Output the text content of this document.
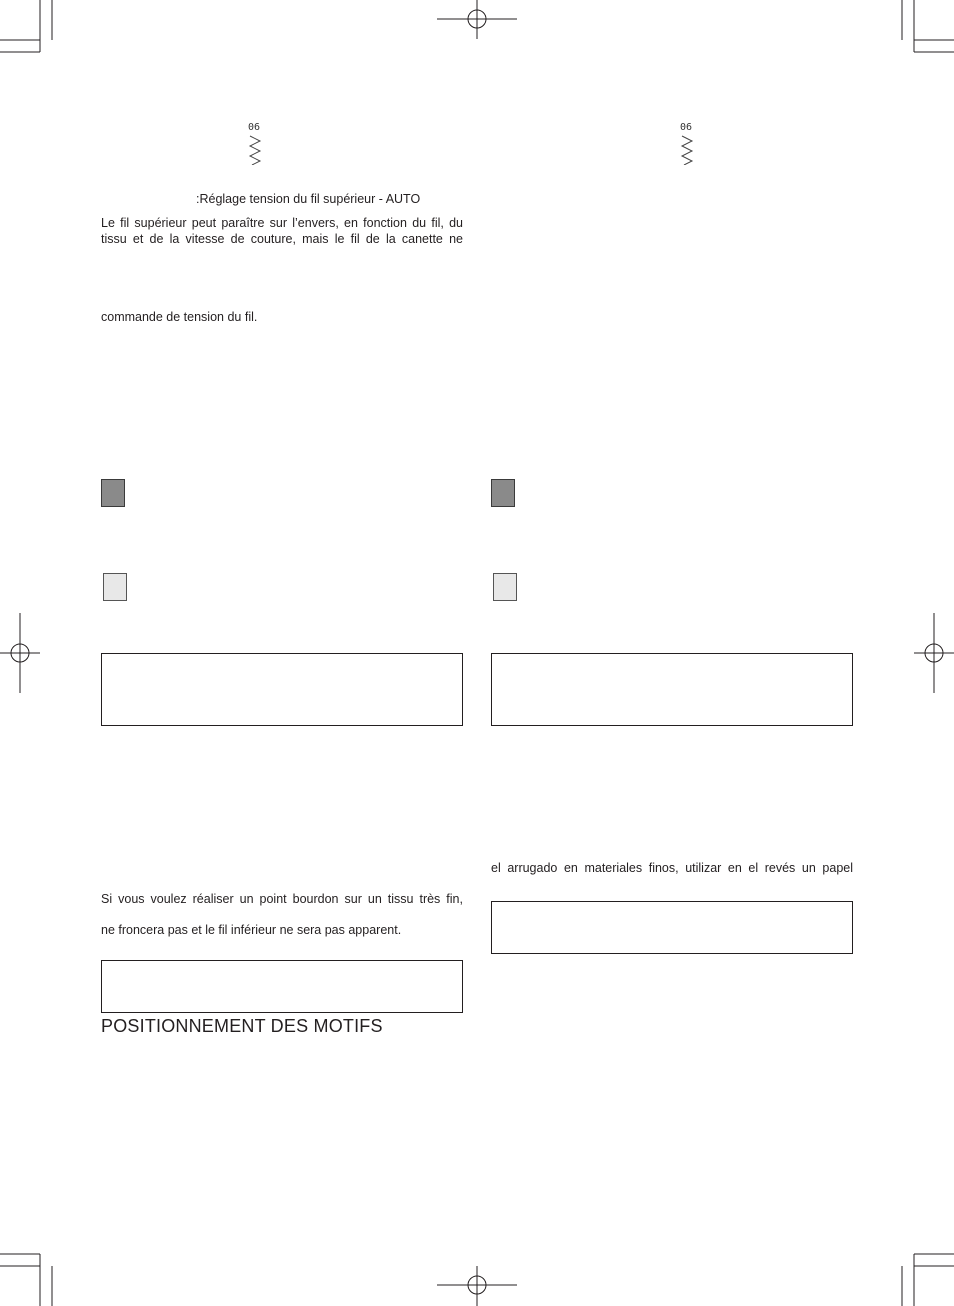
06
:Réglage tension du fil supérieur - AUTO
Le fil supérieur peut paraître sur l’envers, en fonction du fil, du
tissu et de la vitesse de couture, mais le fil de la canette ne
commande de tension du fil.
Si vous voulez réaliser un point bourdon sur un tissu très fin,
ne froncera pas et le fil inférieur ne sera pas apparent.
POSITIONNEMENT DES MOTIFS
06
el arrugado en materiales finos, utilizar en el revés un papel
